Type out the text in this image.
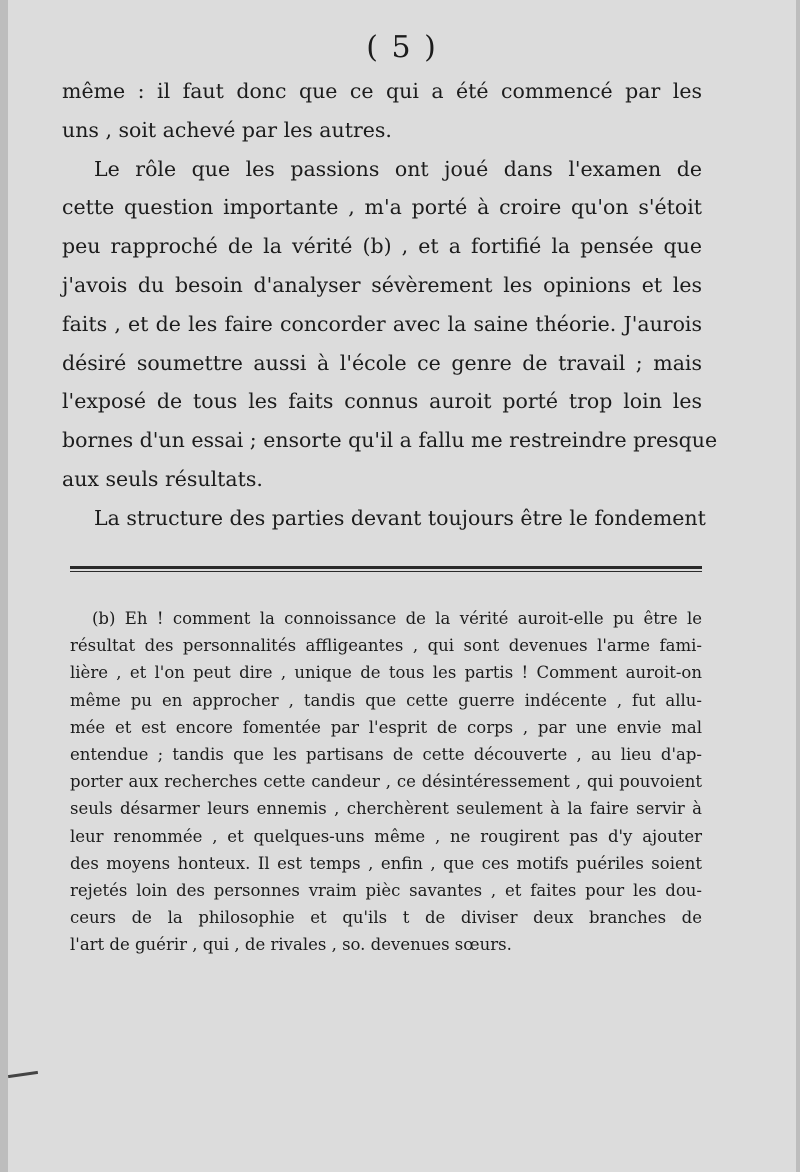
( 5 )
même : il faut donc que ce qui a été commencé par les
uns , soit achevé par les autres.
Le rôle que les passions ont joué dans l'examen de
cette question importante , m'a porté à croire qu'on s'étoit
peu rapproché de la vérité (b) , et a fortifié la pensée que
j'avois du besoin d'analyser sévèrement les opinions et les
faits , et de les faire concorder avec la saine théorie. J'aurois
désiré soumettre aussi à l'école ce genre de travail ; mais
l'exposé de tous les faits connus auroit porté trop loin les
bornes d'un essai ; ensorte qu'il a fallu me restreindre presque
aux seuls résultats.
La structure des parties devant toujours être le fondement
(b) Eh ! comment la connoissance de la vérité auroit-elle pu être le
résultat des personnalités affligeantes , qui sont devenues l'arme fami-
lière , et l'on peut dire , unique de tous les partis ! Comment auroit-on
même pu en approcher , tandis que cette guerre indécente , fut allu-
mée et est encore fomentée par l'esprit de corps , par une envie mal
entendue ; tandis que les partisans de cette découverte , au lieu d'ap-
porter aux recherches cette candeur , ce désintéressement , qui pouvoient
seuls désarmer leurs ennemis , cherchèrent seulement à la faire servir à
leur renommée , et quelques-uns même , ne rougirent pas d'y ajouter
des moyens honteux. Il est temps , enfin , que ces motifs puériles soient
rejetés loin des personnes vraim pièc savantes , et faites pour les dou-
ceurs de la philosophie et qu'ils t de diviser deux branches de
l'art de guérir , qui , de rivales , so. devenues sœurs.
